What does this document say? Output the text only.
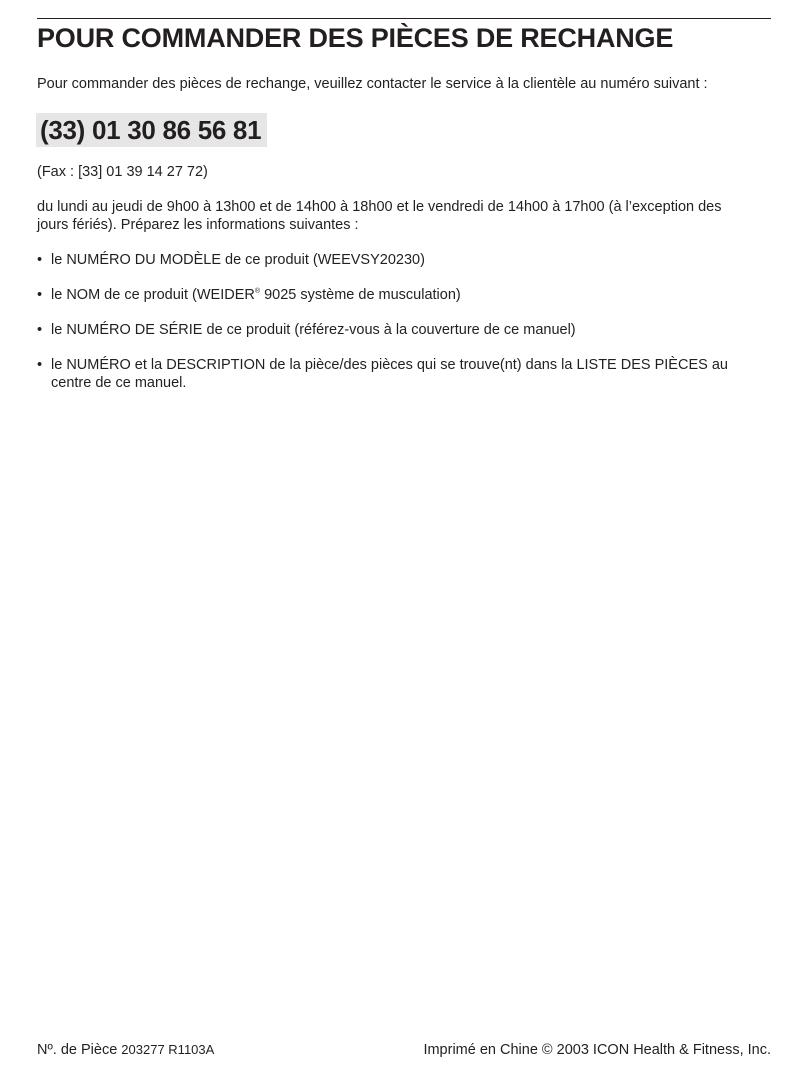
POUR COMMANDER DES PIÈCES DE RECHANGE

Pour commander des pièces de rechange, veuillez contacter le service à la clientèle au numéro suivant :

(33) 01 30 86 56 81

(Fax : [33] 01 39 14 27 72)

du lundi au jeudi de 9h00 à 13h00 et de 14h00 à 18h00 et le vendredi de 14h00 à 17h00 (à l’exception des jours fériés). Préparez les informations suivantes :

• le NUMÉRO DU MODÈLE de ce produit (WEEVSY20230)
• le NOM de ce produit (WEIDER® 9025 système de musculation)
• le NUMÉRO DE SÉRIE de ce produit (référez-vous à la couverture de ce manuel)
• le NUMÉRO et la DESCRIPTION de la pièce/des pièces qui se trouve(nt) dans la LISTE DES PIÈCES au centre de ce manuel.
Nº. de Pièce 203277 R1103A	Imprimé en Chine © 2003 ICON Health & Fitness, Inc.
